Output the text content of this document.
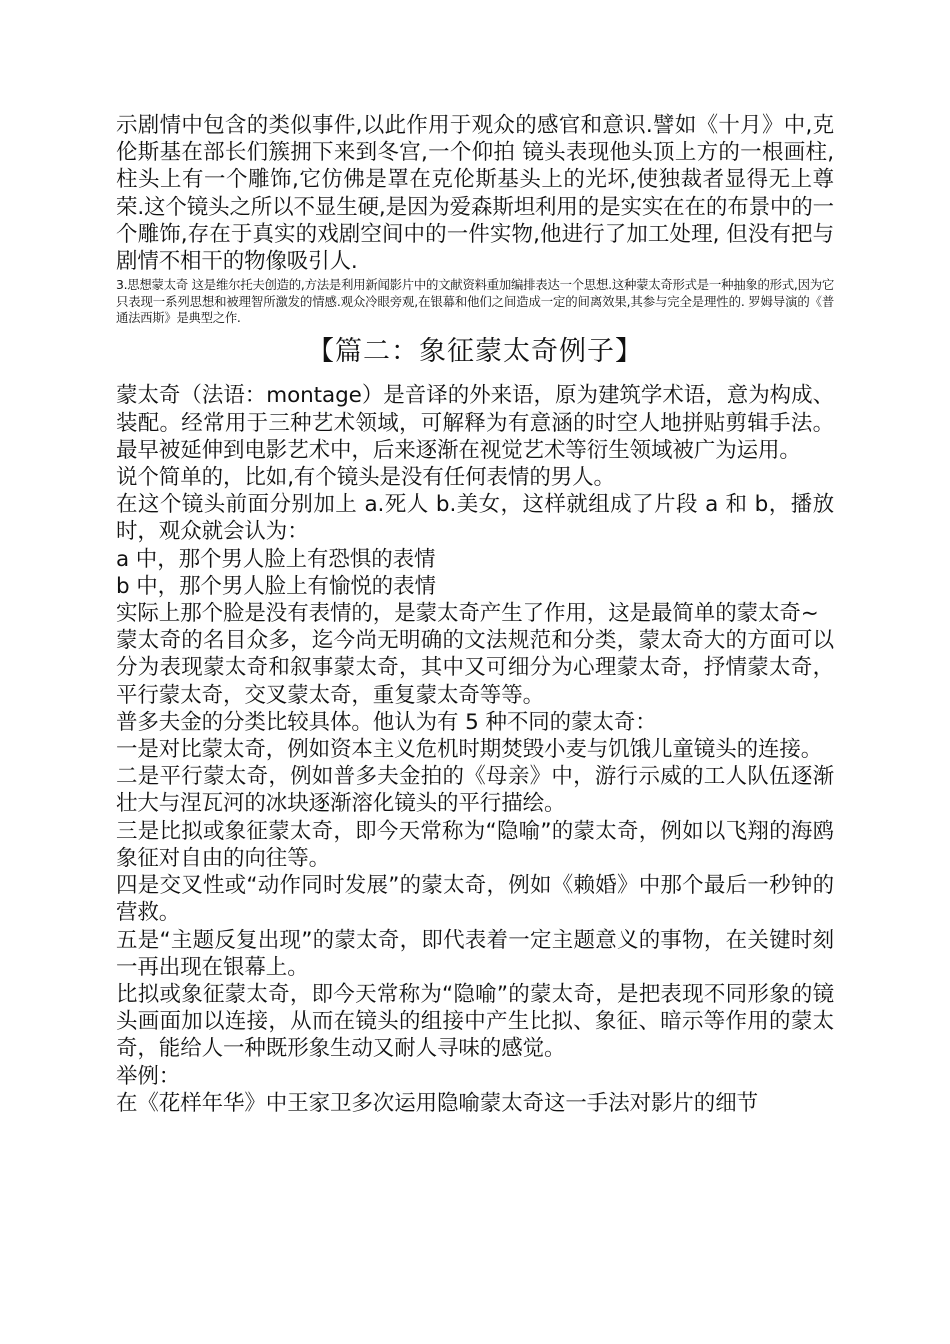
示剧情中包含的类似事件,以此作用于观众的感官和意识.譬如《十月》中,克伦斯基在部长们簇拥下来到冬宫,一个仰拍 镜头表现他头顶上方的一根画柱,柱头上有一个雕饰,它仿佛是罩在克伦斯基头上的光坏,使独裁者显得无上尊荣.这个镜头之所以不显生硬,是因为爱森斯坦利用的是实实在在的布景中的一个雕饰,存在于真实的戏剧空间中的一件实物,他进行了加工处理, 但没有把与剧情不相干的物像吸引人.

3.思想蒙太奇 这是维尔托夫创造的,方法是利用新闻影片中的文献资料重加编排表达一个思想.这种蒙太奇形式是一种抽象的形式,因为它只表现一系列思想和被理智所激发的情感.观众冷眼旁观,在银幕和他们之间造成一定的间离效果,其参与完全是理性的. 罗姆导演的《普通法西斯》是典型之作.

【篇二：象征蒙太奇例子】

蒙太奇（法语：montage）是音译的外来语，原为建筑学术语，意为构成、装配。经常用于三种艺术领域，可解释为有意涵的时空人地拼贴剪辑手法。最早被延伸到电影艺术中，后来逐渐在视觉艺术等衍生领域被广为运用。

说个简单的，比如,有个镜头是没有任何表情的男人。

在这个镜头前面分别加上 a.死人 b.美女，这样就组成了片段 a 和 b，播放时，观众就会认为：

a 中，那个男人脸上有恐惧的表情

b 中，那个男人脸上有愉悦的表情

实际上那个脸是没有表情的，是蒙太奇产生了作用，这是最简单的蒙太奇~

蒙太奇的名目众多，迄今尚无明确的文法规范和分类，蒙太奇大的方面可以分为表现蒙太奇和叙事蒙太奇，其中又可细分为心理蒙太奇，抒情蒙太奇，平行蒙太奇，交叉蒙太奇，重复蒙太奇等等。

普多夫金的分类比较具体。他认为有 5 种不同的蒙太奇：

一是对比蒙太奇，例如资本主义危机时期焚毁小麦与饥饿儿童镜头的连接。

二是平行蒙太奇，例如普多夫金拍的《母亲》中，游行示威的工人队伍逐渐壮大与涅瓦河的冰块逐渐溶化镜头的平行描绘。

三是比拟或象征蒙太奇，即今天常称为“隐喻”的蒙太奇，例如以飞翔的海鸥象征对自由的向往等。

四是交叉性或“动作同时发展”的蒙太奇，例如《赖婚》中那个最后一秒钟的营救。

五是“主题反复出现”的蒙太奇，即代表着一定主题意义的事物，在关键时刻一再出现在银幕上。

比拟或象征蒙太奇，即今天常称为“隐喻”的蒙太奇，是把表现不同形象的镜头画面加以连接，从而在镜头的组接中产生比拟、象征、暗示等作用的蒙太奇，能给人一种既形象生动又耐人寻味的感觉。

举例：

在《花样年华》中王家卫多次运用隐喻蒙太奇这一手法对影片的细节
